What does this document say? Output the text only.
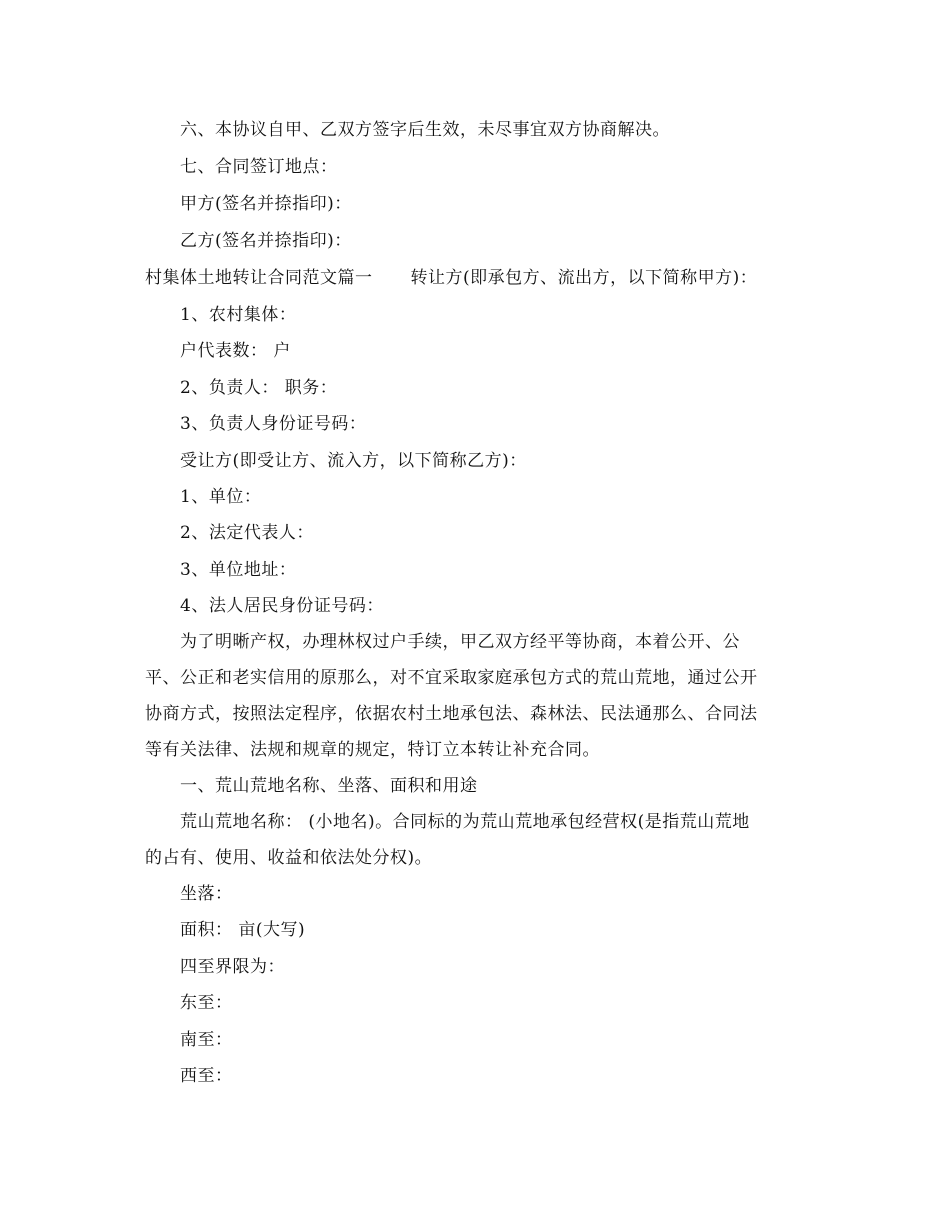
六、本协议自甲、乙双方签字后生效，未尽事宜双方协商解决。
七、合同签订地点：
甲方(签名并捺指印)：
乙方(签名并捺指印)：
村集体土地转让合同范文篇一 转让方(即承包方、流出方，以下简称甲方)：
1、农村集体：
户代表数： 户
2、负责人： 职务：
3、负责人身份证号码：
受让方(即受让方、流入方，以下简称乙方)：
1、单位：
2、法定代表人：
3、单位地址：
4、法人居民身份证号码：
为了明晰产权，办理林权过户手续，甲乙双方经平等协商，本着公开、公
平、公正和老实信用的原那么，对不宜采取家庭承包方式的荒山荒地，通过公开
协商方式，按照法定程序，依据农村土地承包法、森林法、民法通那么、合同法
等有关法律、法规和规章的规定，特订立本转让补充合同。
一、荒山荒地名称、坐落、面积和用途
荒山荒地名称： (小地名)。合同标的为荒山荒地承包经营权(是指荒山荒地
的占有、使用、收益和依法处分权)。
坐落：
面积： 亩(大写)
四至界限为：
东至：
南至：
西至：
